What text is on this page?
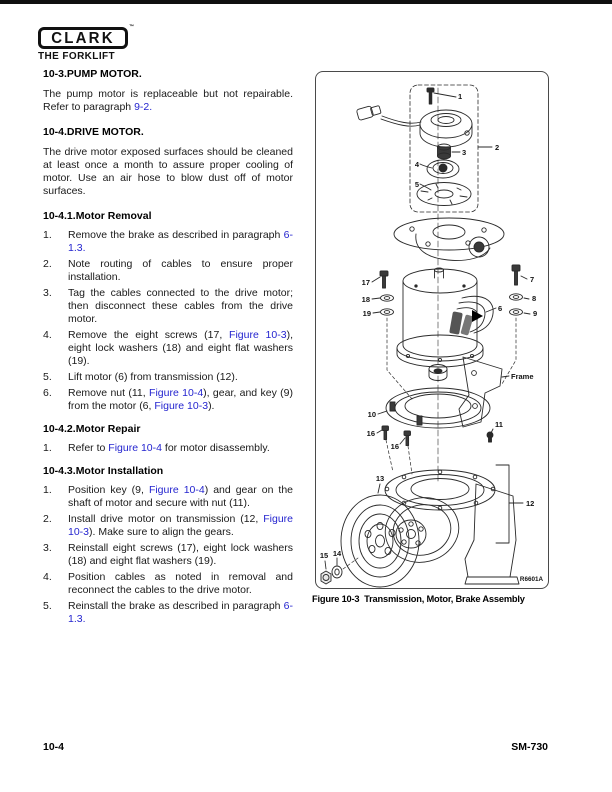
CLARK
™
THE FORKLIFT
10-3.PUMP MOTOR.

The pump motor is replaceable but not repairable. Refer to paragraph 9-2.

10-4.DRIVE MOTOR.

The drive motor exposed surfaces should be cleaned at least once a month to assure proper cooling of motor. Use an air hose to blow dust off of motor surfaces.

10-4.1.Motor Removal
1.	Remove the brake as described in paragraph 6-1.3.
2.	Note routing of cables to ensure proper installation.
3.	Tag the cables connected to the drive motor; then disconnect these cables from the drive motor.
4.	Remove the eight screws (17, Figure 10-3), eight lock washers (18) and eight flat washers (19).
5.	Lift motor (6) from transmission (12).
6.	Remove nut (11, Figure 10-4), gear, and key (9) from the motor (6, Figure 10-3).
10-4.2.Motor Repair
1.	Refer to Figure 10-4 for motor disassembly.
10-4.3.Motor Installation
1.	Position key (9, Figure 10-4) and gear on the shaft of motor and secure with nut (11).
2.	Install drive motor on transmission (12, Figure 10-3). Make sure to align the gears.
3.	Reinstall eight screws (17), eight lock washers (18) and eight flat washers (19).
4.	Position cables as noted in removal and reconnect the cables to the drive motor.
5.	Reinstall the brake as described in paragraph 6-1.3.
1
2
3
4
5
6
7
8
9
17
18
19
Frame
10
11
16
16
12
13
14
15
R6601A
Figure 10-3  Transmission, Motor, Brake Assembly
10-4	SM-730
